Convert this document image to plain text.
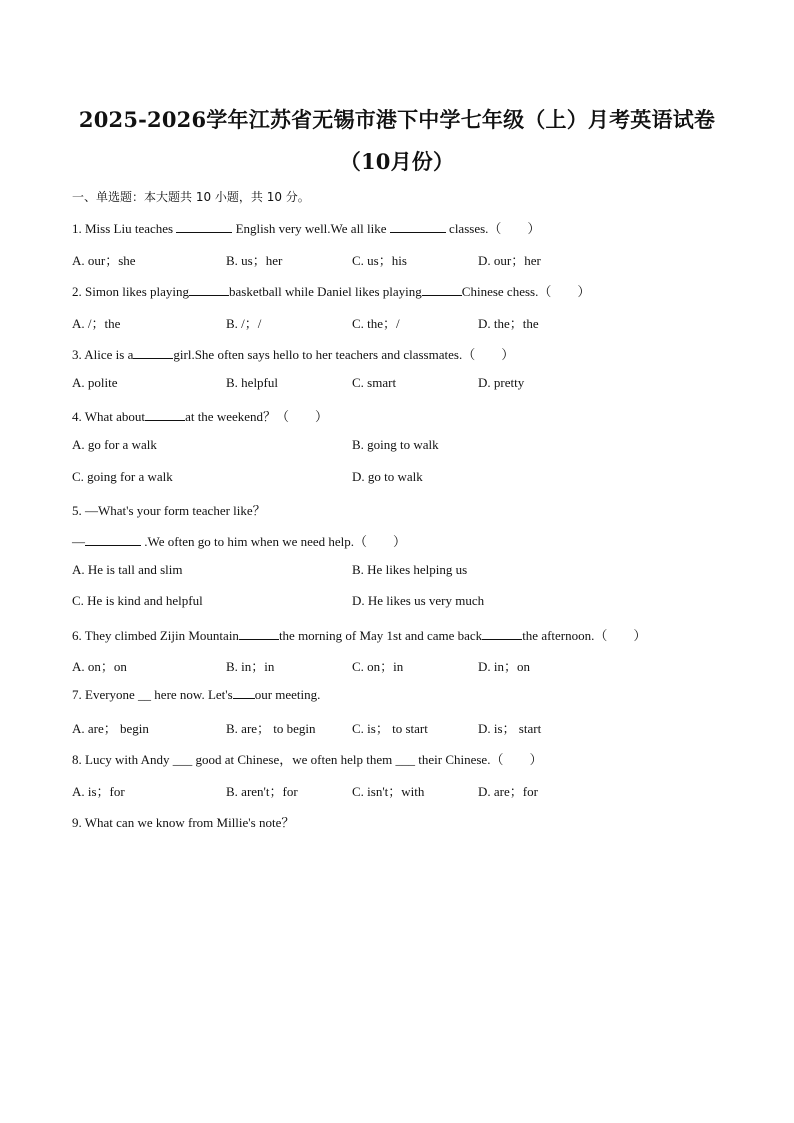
2025-2026学年江苏省无锡市港下中学七年级（上）月考英语试卷
（10月份）
一、单选题：本大题共 10 小题，共 10 分。
1. Miss Liu teaches	English very well.We all like	classes.（　　）
A. our；she	B. us；her	C. us；his	D. our；her
2. Simon likes playing	basketball while Daniel likes playing	Chinese chess.（　　）
A. /；the	B. /；/	C. the；/	D. the；the
3. Alice is a	girl.She often says hello to her teachers and classmates.（　　）
A. polite	B. helpful	C. smart	D. pretty
4. What about	at the weekend？（　　）
A. go for a walk	B. going to walk
C. going for a walk	D. go to walk
5. —What's your form teacher like？
—	.We often go to him when we need help.（　　）
A. He is tall and slim	B. He likes helping us
C. He is kind and helpful	D. He likes us very much
6. They climbed Zijin Mountain	the morning of May 1st and came back	the afternoon.（　　）
A. on；on	B. in；in	C. on；in	D. in；on
7. Everyone __ here now. Let's our meeting.
A. are； begin	B. are； to begin	C. is； to start	D. is； start
8. Lucy with Andy ___ good at Chinese，we often help them ___ their Chinese.（　　）
A. is；for	B. aren't；for	C. isn't；with	D. are；for
9. What can we know from Millie's note？
